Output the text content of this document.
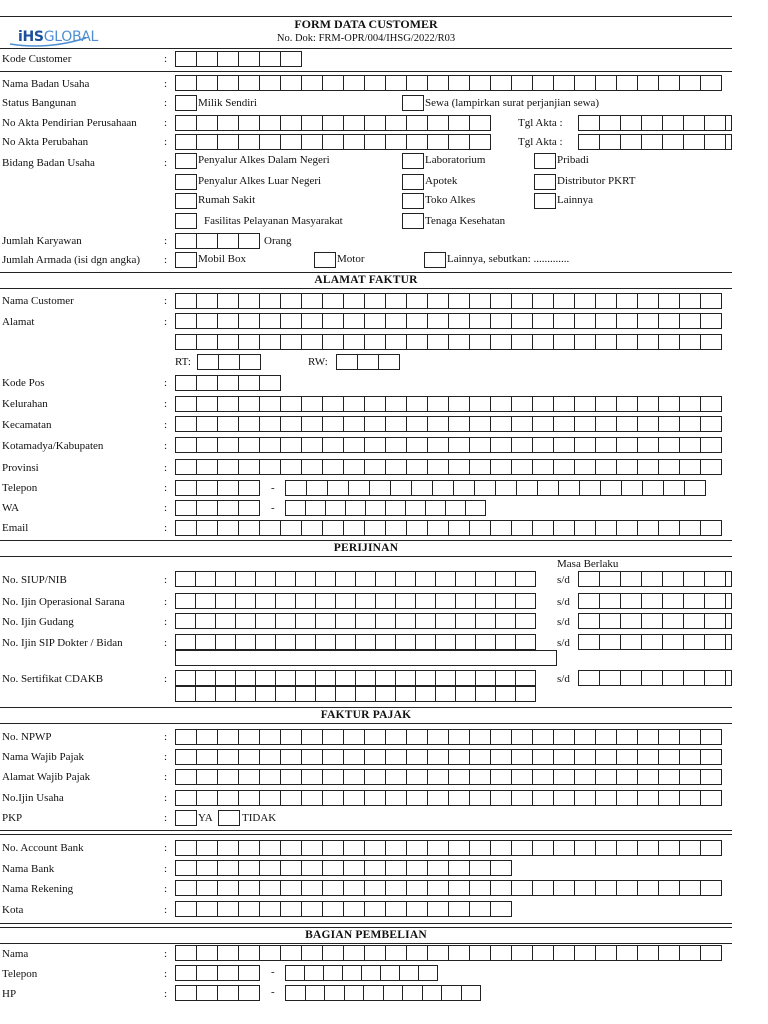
iHSGLOBAL
FORM DATA CUSTOMER
No. Dok: FRM-OPR/004/IHSG/2022/R03
ALAMAT FAKTUR
PERIJINAN
FAKTUR PAJAK
BAGIAN PEMBELIAN
Kode Customer	:
Nama Badan Usaha	:
Status Bangunan	:	Milik Sendiri	Sewa (lampirkan surat perjanjian sewa)
No Akta Pendirian Perusahaan :	Tgl Akta :
No Akta Perubahan	:	Tgl Akta :
Bidang Badan Usaha	:	Penyalur Alkes Dalam Negeri	Laboratorium	Pribadi
Penyalur Alkes Luar Negeri	Apotek	Distributor PKRT
Rumah Sakit	Toko Alkes	Lainnya
Fasilitas Pelayanan Masyarakat	Tenaga Kesehatan
Jumlah Karyawan	:	Orang
Jumlah Armada (isi dgn angka) :	Mobil Box	Motor	Lainnya, sebutkan: .............
Nama Customer	:
Alamat	:
RT:	RW:
Kode Pos	:
Kelurahan	:
Kecamatan	:
Kotamadya/Kabupaten	:
Provinsi	:
Telepon	:	-
WA	:	-
Email	:
Masa Berlaku
No. SIUP/NIB	:	s/d
No. Ijin Operasional Sarana	:	s/d
No. Ijin Gudang	:	s/d
No. Ijin SIP Dokter / Bidan	:	s/d
No. Sertifikat CDAKB	:	s/d
No. NPWP	:
Nama Wajib Pajak	:
Alamat Wajib Pajak	:
No.Ijin Usaha	:
PKP	:	YA	TIDAK
No. Account Bank	:
Nama Bank	:
Nama Rekening	:
Kota	:
Nama	:
Telepon	:	-
HP	:	-
